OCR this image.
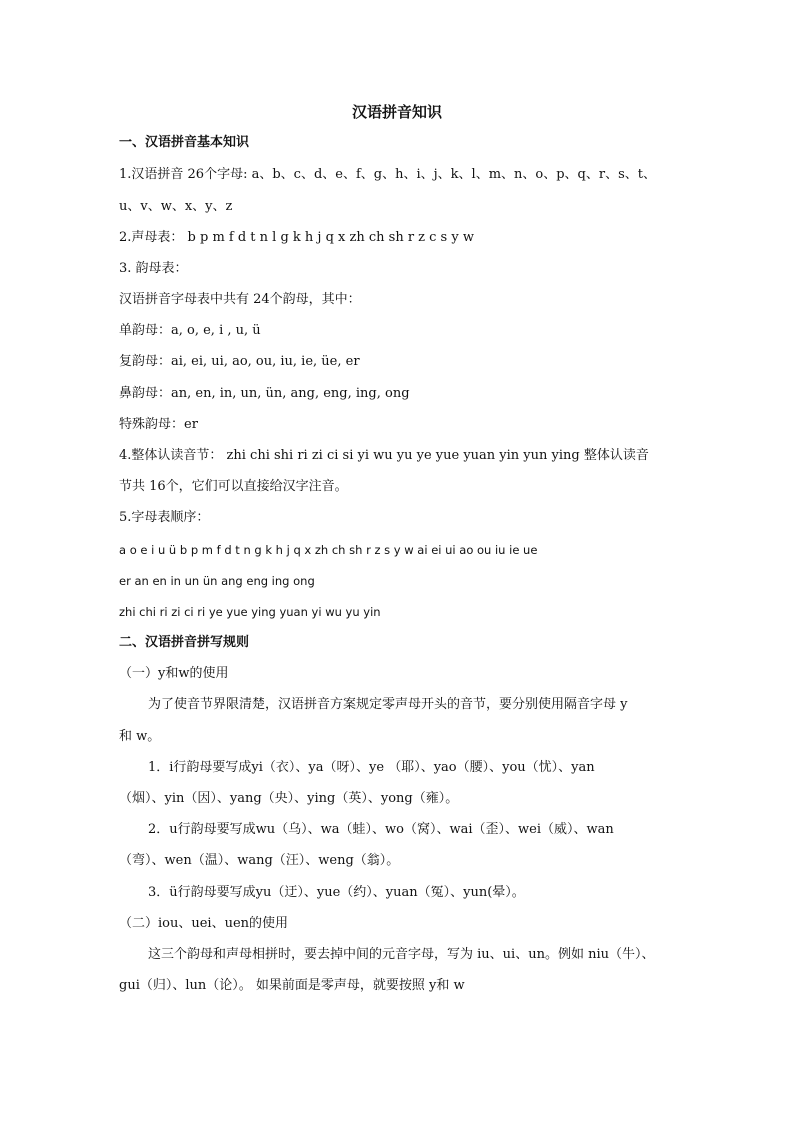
汉语拼音知识
一、汉语拼音基本知识
1.汉语拼音 26个字母: a、b、c、d、e、f、g、h、i、j、k、l、m、n、o、p、q、r、s、t、
u、v、w、x、y、z
2.声母表： b p m f d t n l g k h j q x zh ch sh r z c s y w
3. 韵母表：
汉语拼音字母表中共有 24个韵母，其中：
单韵母：a, o, e, i , u, ü
复韵母：ai, ei, ui, ao, ou, iu, ie, üe, er
鼻韵母：an, en, in, un, ün, ang, eng, ing, ong
特殊韵母：er
4.整体认读音节： zhi chi shi ri zi ci si yi wu yu ye yue yuan yin yun ying 整体认读音
节共 16个，它们可以直接给汉字注音。
5.字母表顺序：
a o e i u ü b p m f d t n g k h j q x zh ch sh r z s y w ai ei ui ao ou iu ie ue
er an en in un ün ang eng ing ong
zhi chi ri zi ci ri ye yue ying yuan yi wu yu yin
二、汉语拼音拼写规则
（一）y和w的使用
为了使音节界限清楚，汉语拼音方案规定零声母开头的音节，要分别使用隔音字母 y
和 w。
1．i行韵母要写成yi（衣）、ya（呀）、ye （耶）、yao（腰）、you（忧）、yan
（烟）、yin（因）、yang（央）、ying（英）、yong（雍）。
2．u行韵母要写成wu（乌）、wa（蛙）、wo（窝）、wai（歪）、wei（威）、wan
（弯）、wen（温）、wang（汪）、weng（翁）。
3．ü行韵母要写成yu（迂）、yue（约）、yuan（冤）、yun(晕）。
（二）iou、uei、uen的使用
这三个韵母和声母相拼时，要去掉中间的元音字母，写为 iu、ui、un。例如 niu（牛）、
gui（归）、lun（论）。 如果前面是零声母，就要按照 y和 w
